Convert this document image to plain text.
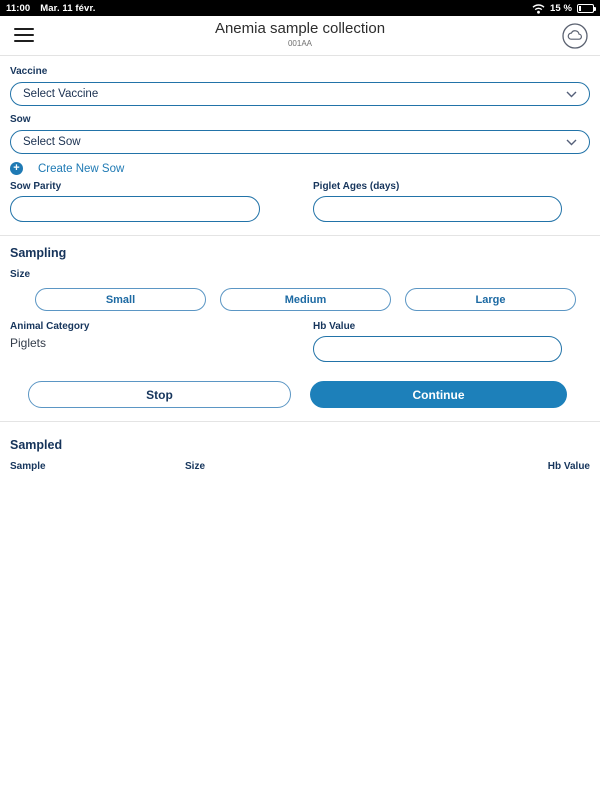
11:00 Mar. 11 févr.	15 %
Anemia sample collection
001AA
Vaccine
Select Vaccine
Sow
Select Sow
+ Create New Sow
Sow Parity	Piglet Ages (days)
Sampling
Size
Small	Medium	Large
Animal Category
Piglets
Hb Value
Stop	Continue
Sampled
Sample	Size	Hb Value
